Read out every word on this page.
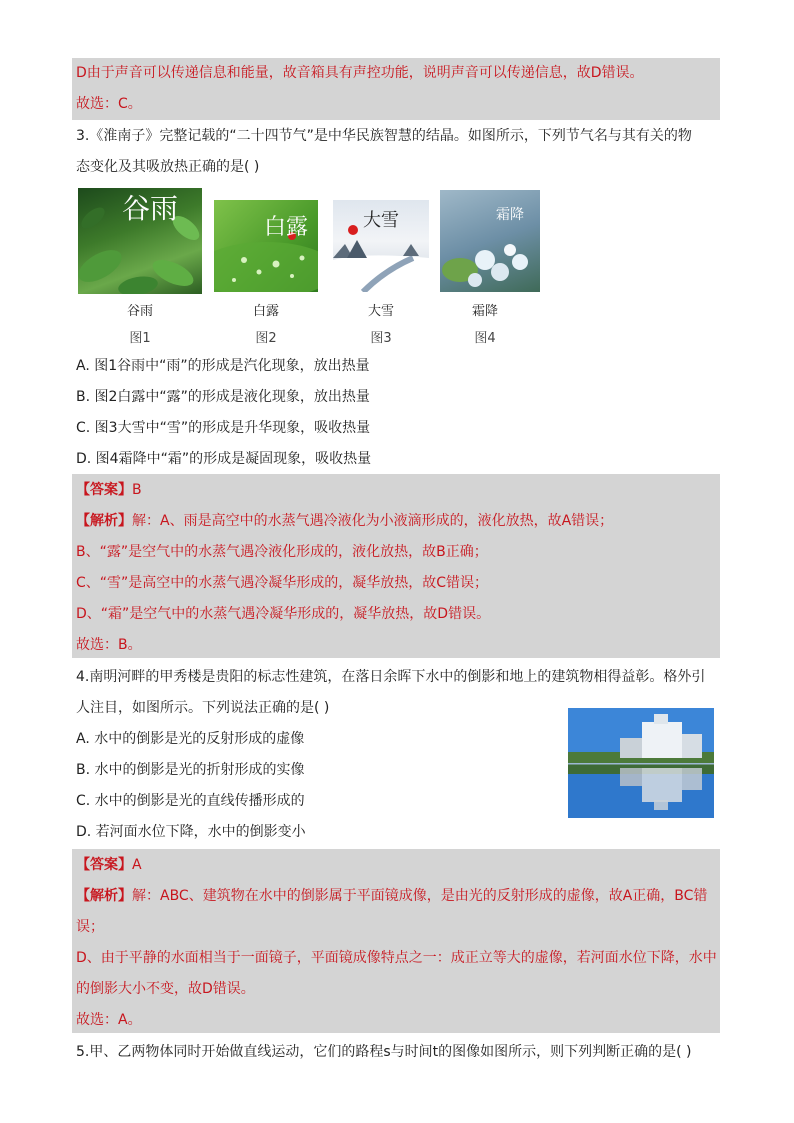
D由于声音可以传递信息和能量，故音箱具有声控功能，说明声音可以传递信息，故D错误。
故选：C。
3.《淮南子》完整记载的“二十四节气”是中华民族智慧的结晶。如图所示，下列节气名与其有关的物
态变化及其吸放热正确的是( )
谷雨
谷雨
图1
白露
白露
图2
大雪
大雪
图3
霜降
霜降
图4
A. 图1谷雨中“雨”的形成是汽化现象，放出热量
B. 图2白露中“露”的形成是液化现象，放出热量
C. 图3大雪中“雪”的形成是升华现象，吸收热量
D. 图4霜降中“霜”的形成是凝固现象，吸收热量
【答案】B
【解析】解：A、雨是高空中的水蒸气遇冷液化为小液滴形成的，液化放热，故A错误；
B、“露”是空气中的水蒸气遇冷液化形成的，液化放热，故B正确；
C、“雪”是高空中的水蒸气遇冷凝华形成的，凝华放热，故C错误；
D、“霜”是空气中的水蒸气遇冷凝华形成的，凝华放热，故D错误。
故选：B。
4.南明河畔的甲秀楼是贵阳的标志性建筑，在落日余晖下水中的倒影和地上的建筑物相得益彰。格外引
人注目，如图所示。下列说法正确的是( )
A. 水中的倒影是光的反射形成的虚像
B. 水中的倒影是光的折射形成的实像
C. 水中的倒影是光的直线传播形成的
D. 若河面水位下降，水中的倒影变小
【答案】A
【解析】解：ABC、建筑物在水中的倒影属于平面镜成像，是由光的反射形成的虚像，故A正确，BC错
误；
D、由于平静的水面相当于一面镜子，平面镜成像特点之一：成正立等大的虚像，若河面水位下降，水中
的倒影大小不变，故D错误。
故选：A。
5.甲、乙两物体同时开始做直线运动，它们的路程s与时间t的图像如图所示，则下列判断正确的是( )
